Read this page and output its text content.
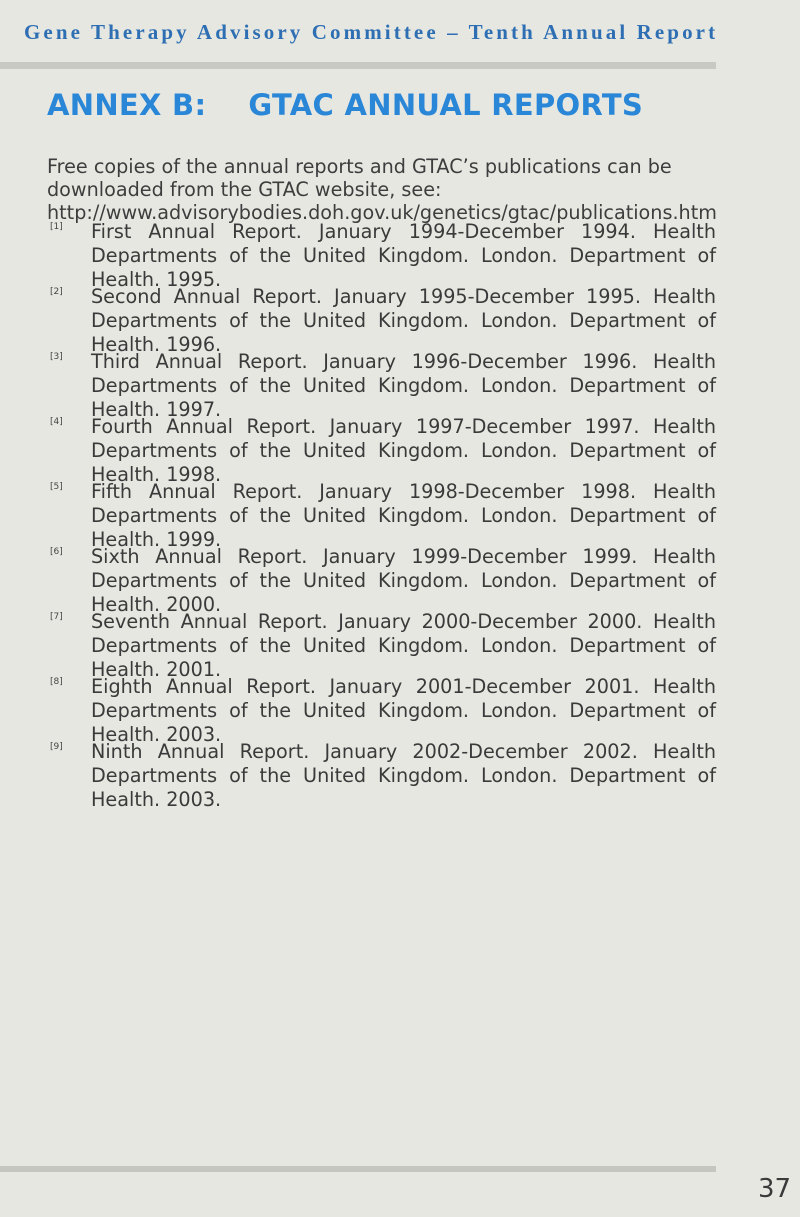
Gene Therapy Advisory Committee – Tenth Annual Report
ANNEX B: GTAC ANNUAL REPORTS
Free copies of the annual reports and GTAC’s publications can be downloaded from the GTAC website, see: http://www.advisorybodies.doh.gov.uk/genetics/gtac/publications.htm
[1] First Annual Report. January 1994-December 1994. Health Departments of the United Kingdom. London. Department of Health. 1995.
[2] Second Annual Report. January 1995-December 1995. Health Departments of the United Kingdom. London. Department of Health. 1996.
[3] Third Annual Report. January 1996-December 1996. Health Departments of the United Kingdom. London. Department of Health. 1997.
[4] Fourth Annual Report. January 1997-December 1997. Health Departments of the United Kingdom. London. Department of Health. 1998.
[5] Fifth Annual Report. January 1998-December 1998. Health Departments of the United Kingdom. London. Department of Health. 1999.
[6] Sixth Annual Report. January 1999-December 1999. Health Departments of the United Kingdom. London. Department of Health. 2000.
[7] Seventh Annual Report. January 2000-December 2000. Health Departments of the United Kingdom. London. Department of Health. 2001.
[8] Eighth Annual Report. January 2001-December 2001. Health Departments of the United Kingdom. London. Department of Health. 2003.
[9] Ninth Annual Report. January 2002-December 2002. Health Departments of the United Kingdom. London. Department of Health. 2003.
37
